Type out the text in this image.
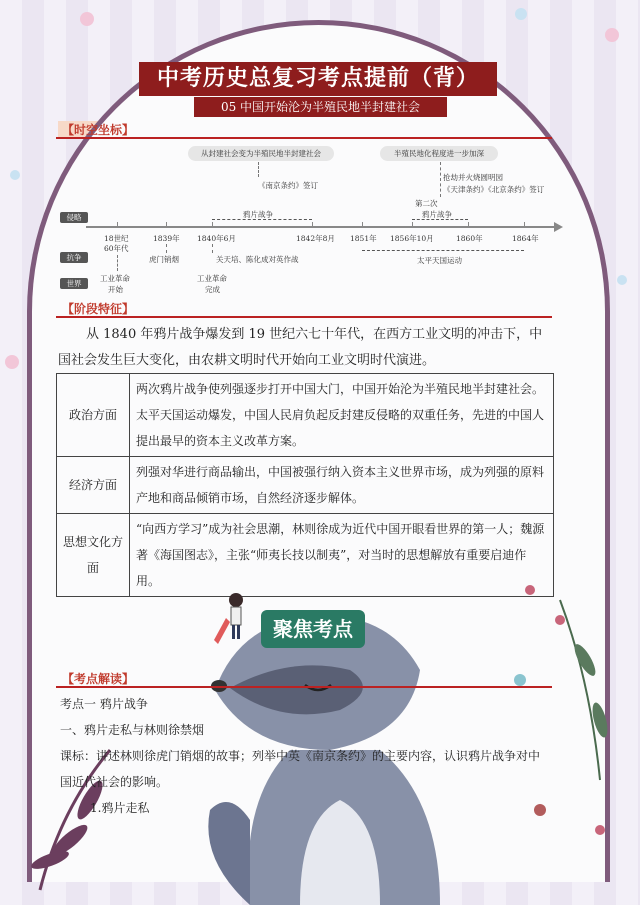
中考历史总复习考点提前（背）
05 中国开始沦为半殖民地半封建社会
【时空坐标】
从封建社会变为半殖民地半封建社会	半殖民地化程度进一步加深
《南京条约》签订
鸦片战争
第二次
鸦片战争
抢劫并火烧圆明园
《天津条约》《北京条约》签订
侵略
抗争
世界
18世纪
60年代
1839年 1840年6月	1842年8月 1851年 1856年10月	1860年	1864年
虎门销烟	关天培、陈化成对英作战	太平天国运动
工业革命
开始
工业革命
完成
【阶段特征】
从 1840 年鸦片战争爆发到 19 世纪六七十年代，在西方工业文明的冲击下，中国社会发生巨大变化，由农耕文明时代开始向工业文明时代演进。
政治方面	两次鸦片战争使列强逐步打开中国大门，中国开始沦为半殖民地半封建社会。太平天国运动爆发，中国人民肩负起反封建反侵略的双重任务，先进的中国人提出最早的资本主义改革方案。
经济方面	列强对华进行商品输出，中国被强行纳入资本主义世界市场，成为列强的原料产地和商品倾销市场，自然经济逐步解体。
思想文化方面	“向西方学习”成为社会思潮，林则徐成为近代中国开眼看世界的第一人；魏源著《海国图志》，主张“师夷长技以制夷”，对当时的思想解放有重要启迪作用。
聚焦考点
【考点解读】
考点一 鸦片战争
一、鸦片走私与林则徐禁烟
课标：讲述林则徐虎门销烟的故事；列举中英《南京条约》的主要内容，认识鸦片战争对中
国近代社会的影响。
1.鸦片走私
